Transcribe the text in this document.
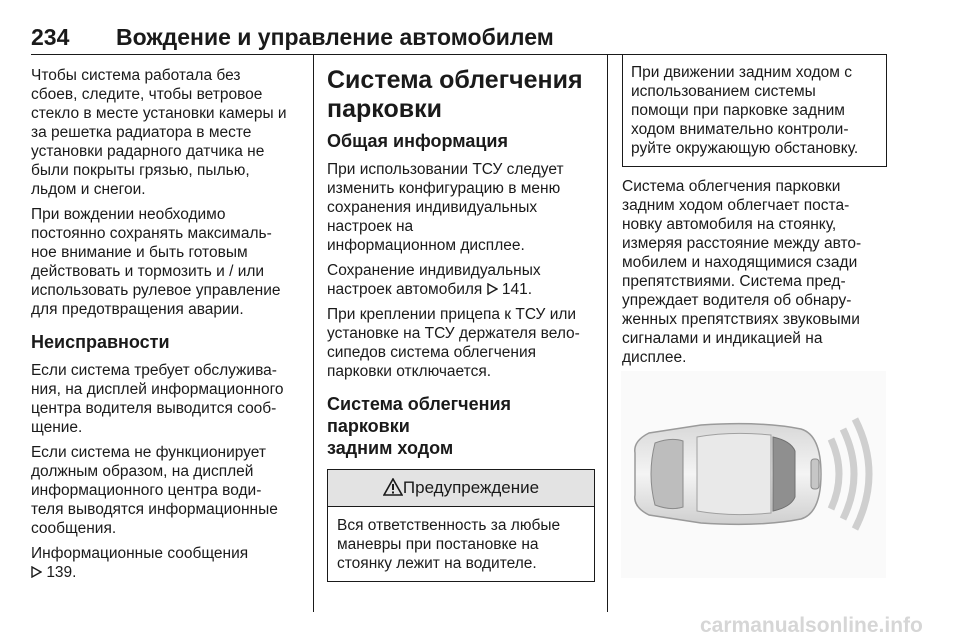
234 Вождение и управление автомобилем

Чтобы система работала без
сбоев, следите, чтобы ветровое
стекло в месте установки камеры и
за решетка радиатора в месте
установки радарного датчика не
были покрыты грязью, пылью,
льдом и снегои.

При вождении необходимо
постоянно сохранять максималь-
ное внимание и быть готовым
действовать и тормозить и / или
использовать рулевое управление
для предотвращения аварии.

Неисправности

Если система требует обслужива-
ния, на дисплей информационного
центра водителя выводится сооб-
щение.

Если система не функционирует
должным образом, на дисплей
информационного центра води-
теля выводятся информационные
сообщения.

Информационные сообщения
139.

Система облегчения
парковки
Общая информация

При использовании ТСУ следует
изменить конфигурацию в меню
сохранения индивидуальных
настроек на
информационном дисплее.

Сохранение индивидуальных
настроек автомобиля 141.

При креплении прицепа к ТСУ или
установке на ТСУ держателя вело-
сипедов система облегчения
парковки отключается.

Система облегчения парковки
задним ходом
Предупреждение
Вся ответственность за любые
маневры при постановке на
стоянку лежит на водителе.
При движении задним ходом с
использованием системы
помощи при парковке задним
ходом внимательно контроли-
руйте окружающую обстановку.

Система облегчения парковки
задним ходом облегчает поста-
новку автомобиля на стоянку,
измеряя расстояние между авто-
мобилем и находящимися сзади
препятствиями. Система пред-
упреждает водителя об обнару-
женных препятствиях звуковыми
сигналами и индикацией на
дисплее.

carmanualsonline.info
